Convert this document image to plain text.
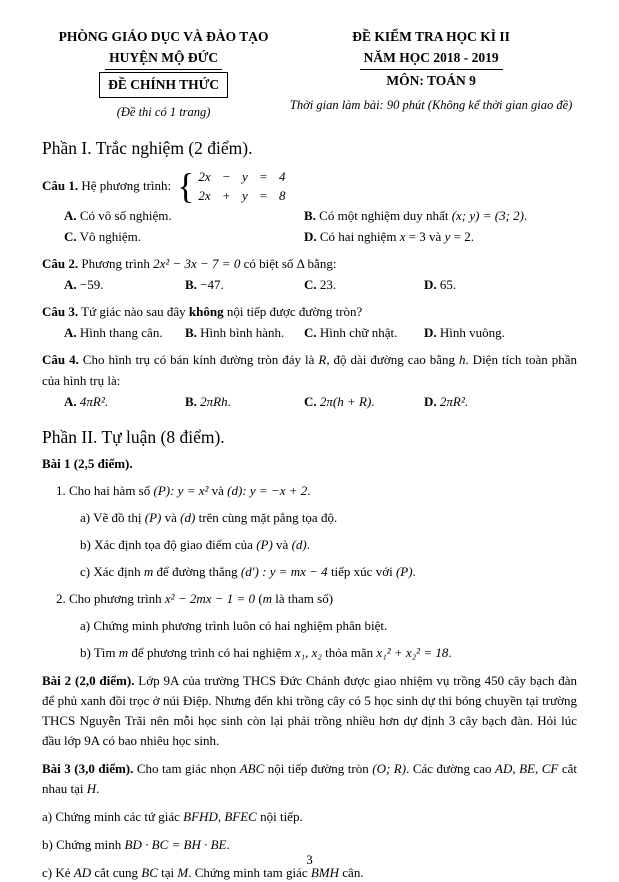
PHÒNG GIÁO DỤC VÀ ĐÀO TẠO
HUYỆN MỘ ĐỨC
ĐỀ CHÍNH THỨC
(Đề thi có 1 trang)
ĐỀ KIỂM TRA HỌC KÌ II
NĂM HỌC 2018 - 2019
MÔN: TOÁN 9
Thời gian làm bài: 90 phút (Không kể thời gian giao đề)
Phần I. Trắc nghiệm (2 điểm).
Câu 1. Hệ phương trình: { 2x − y = 4
2x + y = 8
A. Có vô số nghiệm.	B. Có một nghiệm duy nhất (x; y) = (3; 2).
C. Vô nghiệm.	D. Có hai nghiệm x = 3 và y = 2.
Câu 2. Phương trình 2x² − 3x − 7 = 0 có biệt số Δ bằng:
A. −59.	B. −47.	C. 23.	D. 65.
Câu 3. Tứ giác nào sau đây không nội tiếp được đường tròn?
A. Hình thang cân.	B. Hình bình hành.	C. Hình chữ nhật.	D. Hình vuông.
Câu 4. Cho hình trụ có bán kính đường tròn đáy là R, độ dài đường cao bằng h. Diện tích toàn phần của hình trụ là:
A. 4πR².	B. 2πRh.	C. 2π(h + R).	D. 2πR².
Phần II. Tự luận (8 điểm).
Bài 1 (2,5 điểm).
1. Cho hai hàm số (P): y = x² và (d): y = −x + 2.
a) Vẽ đồ thị (P) và (d) trên cùng mặt pẳng tọa độ.
b) Xác định tọa độ giao điểm của (P) và (d).
c) Xác định m để đường thẳng (d′) : y = mx − 4 tiếp xúc với (P).
2. Cho phương trình x² − 2mx − 1 = 0 (m là tham số)
a) Chứng minh phương trình luôn có hai nghiệm phân biệt.
b) Tìm m để phương trình có hai nghiệm x₁, x₂ thỏa mãn x₁² + x₂² = 18.

Bài 2 (2,0 điểm). Lớp 9A của trường THCS Đức Chánh được giao nhiệm vụ trồng 450 cây bạch đàn để phủ xanh đồi trọc ở núi Điệp. Nhưng đến khi trồng cây có 5 học sinh dự thi bóng chuyền tại trường THCS Nguyễn Trãi nên mỗi học sinh còn lại phải trồng nhiều hơn dự định 3 cây bạch đàn. Hỏi lúc đầu lớp 9A có bao nhiêu học sinh.

Bài 3 (3,0 điểm). Cho tam giác nhọn ABC nội tiếp đường tròn (O; R). Các đường cao AD, BE, CF cắt nhau tại H.

a) Chứng minh các tứ giác BFHD, BFEC nội tiếp.
b) Chứng minh BD · BC = BH · BE.
c) Kẻ AD cắt cung BC tại M. Chứng minh tam giác BMH cân.
3
